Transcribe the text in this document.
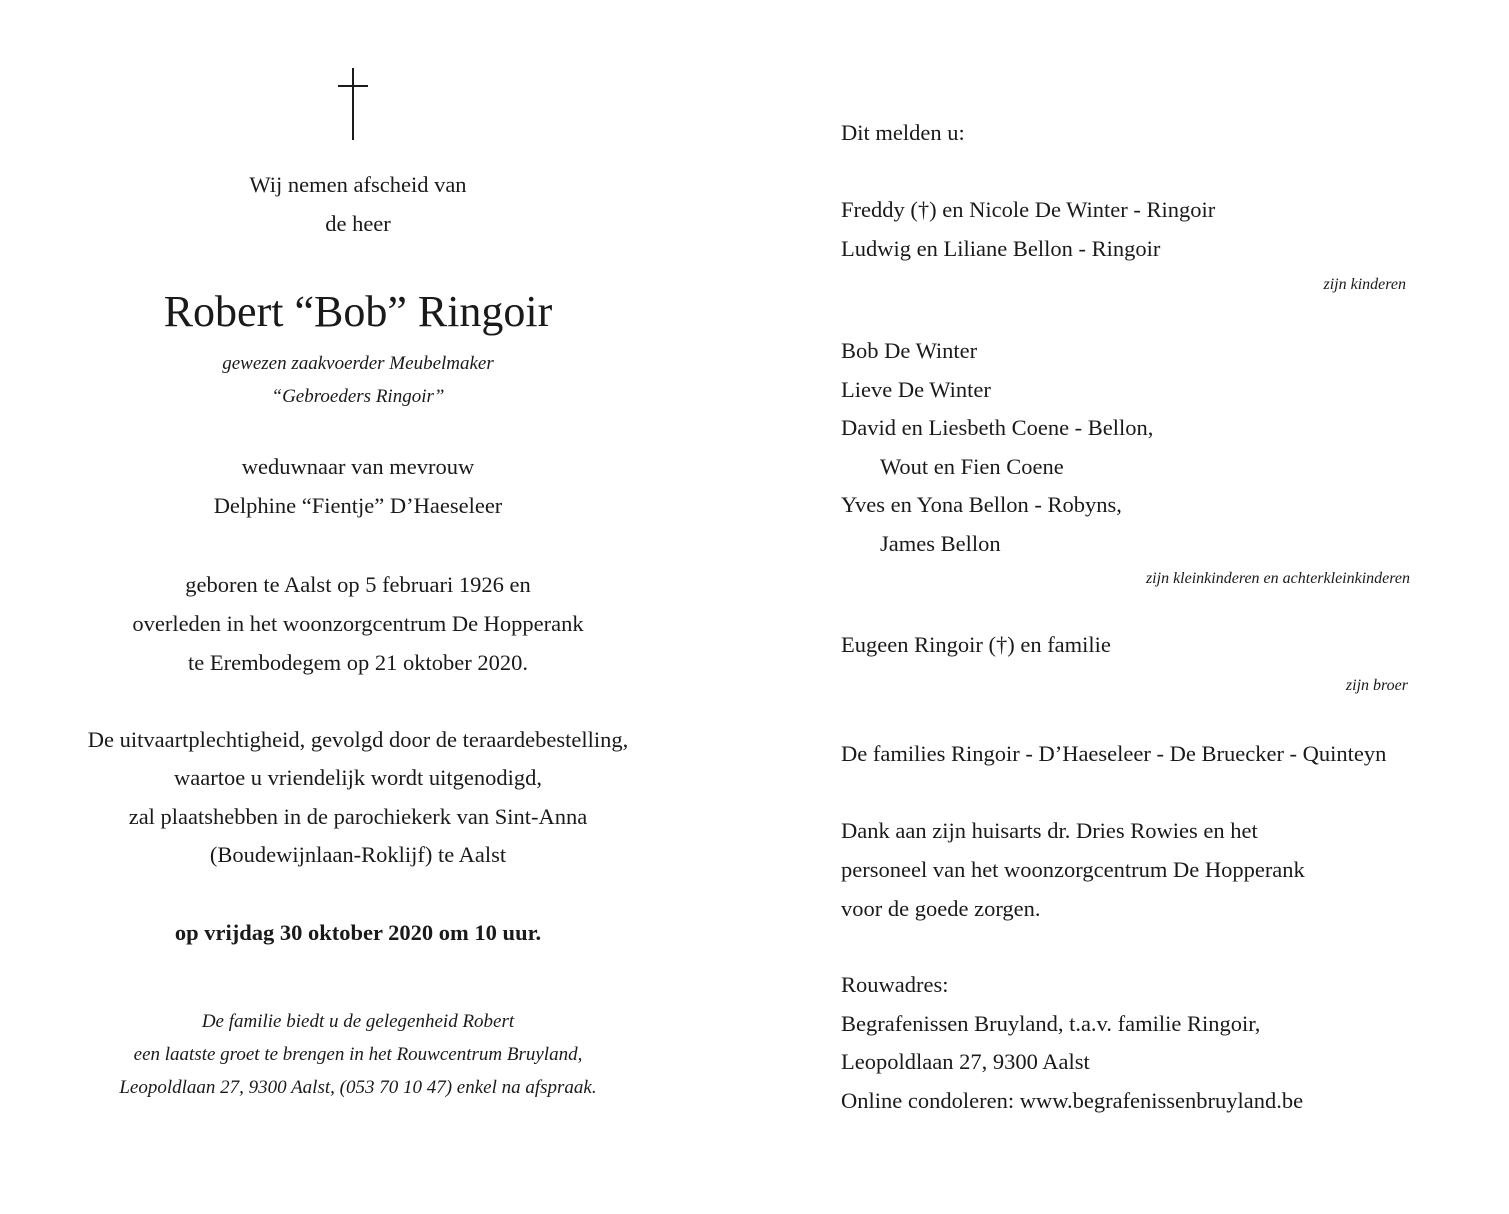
Wij nemen afscheid van
de heer
Robert “Bob” Ringoir
gewezen zaakvoerder Meubelmaker
“Gebroeders Ringoir”
weduwnaar van mevrouw
Delphine “Fientje” D’Haeseleer
geboren te Aalst op 5 februari 1926 en
overleden in het woonzorgcentrum De Hopperank
te Erembodegem op 21 oktober 2020.
De uitvaartplechtigheid, gevolgd door de teraardebestelling,
waartoe u vriendelijk wordt uitgenodigd,
zal plaatshebben in de parochiekerk van Sint-Anna
(Boudewijnlaan-Roklijf) te Aalst
op vrijdag 30 oktober 2020 om 10 uur.
De familie biedt u de gelegenheid Robert
een laatste groet te brengen in het Rouwcentrum Bruyland,
Leopoldlaan 27, 9300 Aalst, (053 70 10 47) enkel na afspraak.
Dit melden u:
Freddy (†) en Nicole De Winter - Ringoir
Ludwig en Liliane Bellon - Ringoir
zijn kinderen
Bob De Winter
Lieve De Winter
David en Liesbeth Coene - Bellon,
Wout en Fien Coene
Yves en Yona Bellon - Robyns,
James Bellon
zijn kleinkinderen en achterkleinkinderen
Eugeen Ringoir (†) en familie
zijn broer
De families Ringoir - D’Haeseleer - De Bruecker - Quinteyn
Dank aan zijn huisarts dr. Dries Rowies en het
personeel van het woonzorgcentrum De Hopperank
voor de goede zorgen.
Rouwadres:
Begrafenissen Bruyland, t.a.v. familie Ringoir,
Leopoldlaan 27, 9300 Aalst
Online condoleren: www.begrafenissenbruyland.be
